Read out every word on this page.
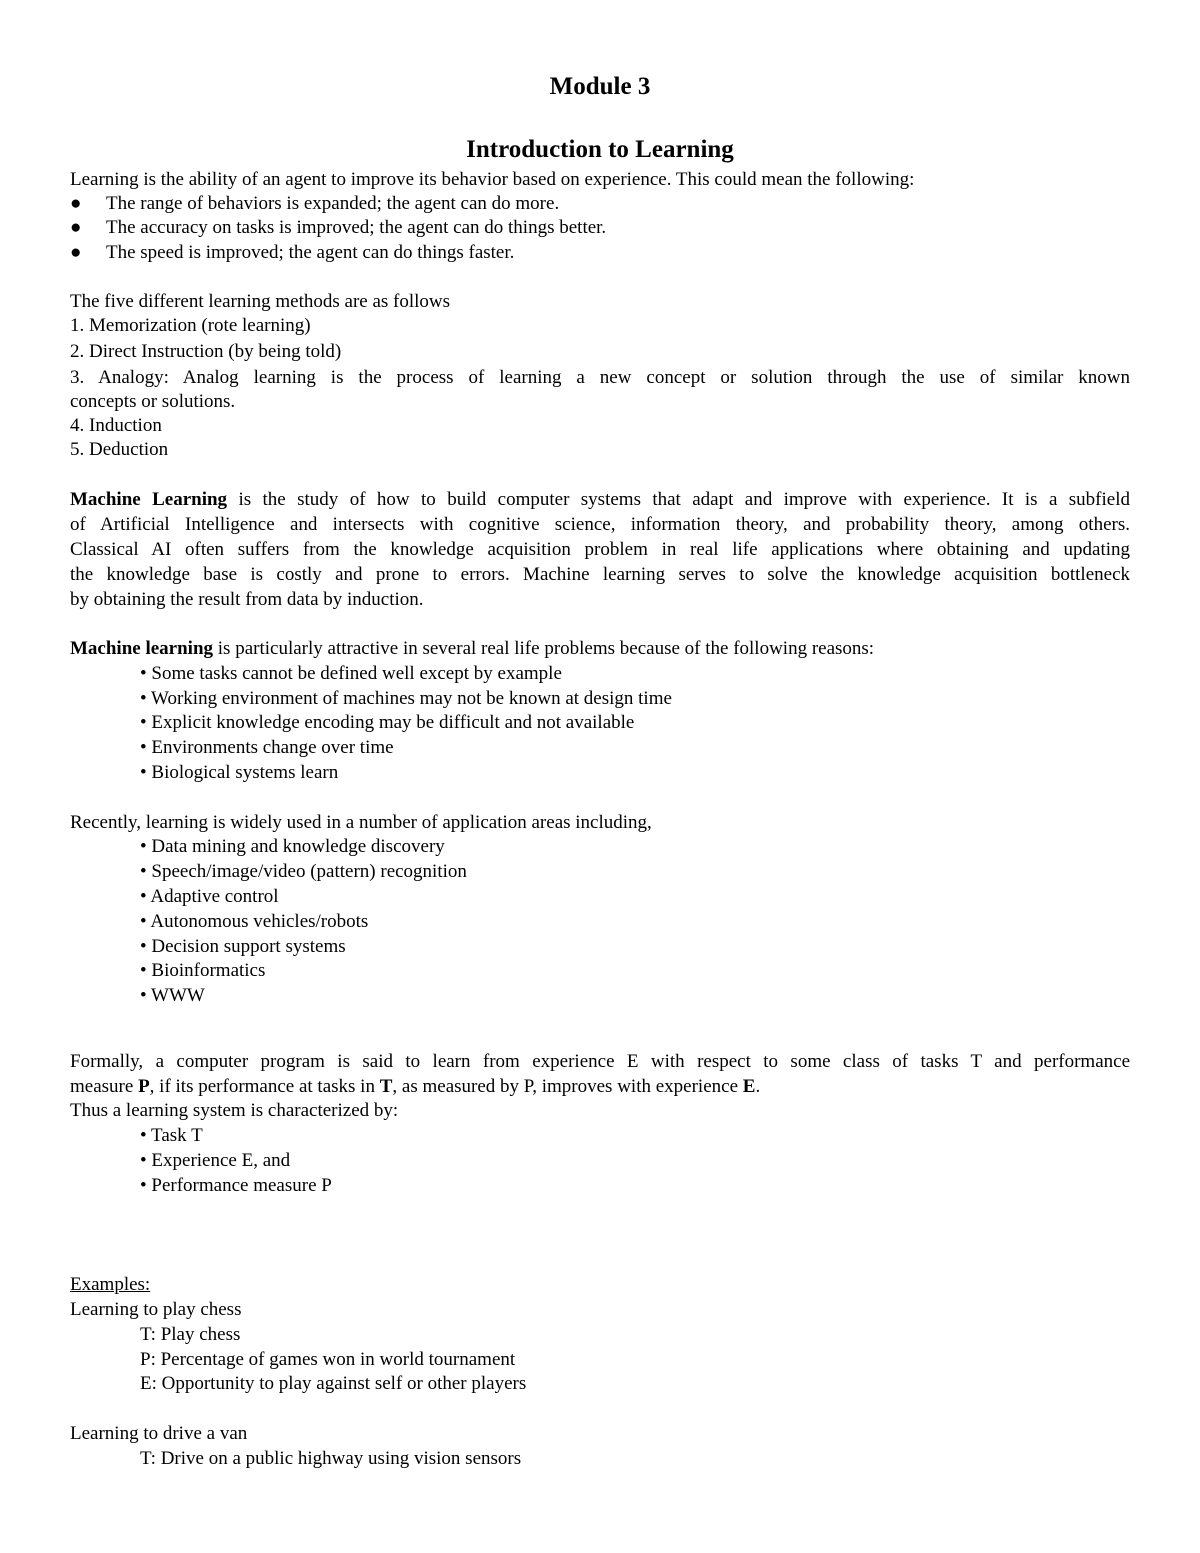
Module 3
Introduction to Learning
Learning is the ability of an agent to improve its behavior based on experience. This could mean the following:
● The range of behaviors is expanded; the agent can do more.
● The accuracy on tasks is improved; the agent can do things better.
● The speed is improved; the agent can do things faster.
The five different learning methods are as follows
1. Memorization (rote learning)
2. Direct Instruction (by being told)
3. Analogy: Analog learning is the process of learning a new concept or solution through the use of similar known
concepts or solutions.
4. Induction
5. Deduction
Machine Learning is the study of how to build computer systems that adapt and improve with experience. It is a subfield
of Artificial Intelligence and intersects with cognitive science, information theory, and probability theory, among others.
Classical AI often suffers from the knowledge acquisition problem in real life applications where obtaining and updating
the knowledge base is costly and prone to errors. Machine learning serves to solve the knowledge acquisition bottleneck
by obtaining the result from data by induction.
Machine learning is particularly attractive in several real life problems because of the following reasons:
• Some tasks cannot be defined well except by example
• Working environment of machines may not be known at design time
• Explicit knowledge encoding may be difficult and not available
• Environments change over time
• Biological systems learn
Recently, learning is widely used in a number of application areas including,
• Data mining and knowledge discovery
• Speech/image/video (pattern) recognition
• Adaptive control
• Autonomous vehicles/robots
• Decision support systems
• Bioinformatics
• WWW
Formally, a computer program is said to learn from experience E with respect to some class of tasks T and performance
measure P, if its performance at tasks in T, as measured by P, improves with experience E.
Thus a learning system is characterized by:
• Task T
• Experience E, and
• Performance measure P
Examples:
Learning to play chess
T: Play chess
P: Percentage of games won in world tournament
E: Opportunity to play against self or other players
Learning to drive a van
T: Drive on a public highway using vision sensors
